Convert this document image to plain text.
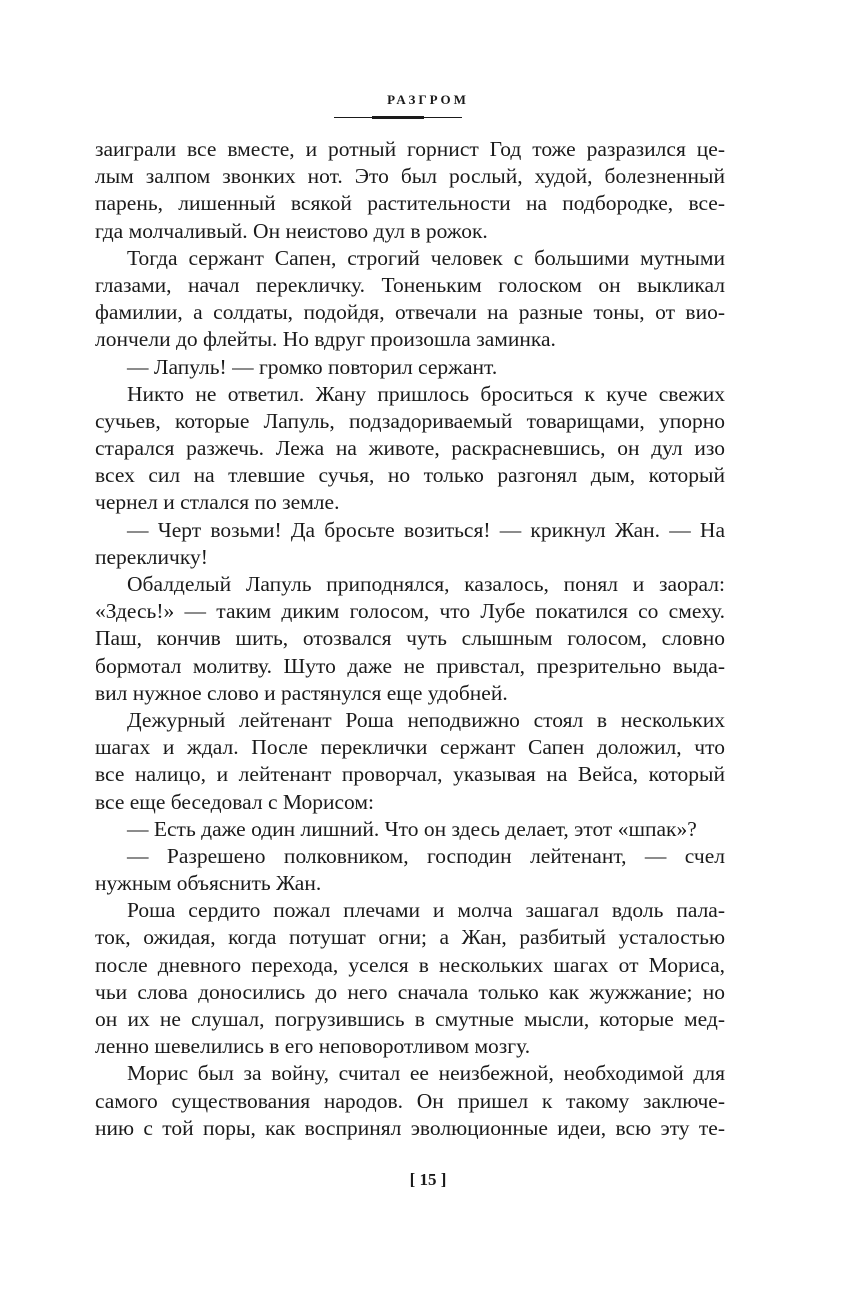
РАЗГРОМ
заиграли все вместе, и ротный горнист Год тоже разразился це-
лым залпом звонких нот. Это был рослый, худой, болезненный
парень, лишенный всякой растительности на подбородке, все-
гда молчаливый. Он неистово дул в рожок.
Тогда сержант Сапен, строгий человек с большими мутными
глазами, начал перекличку. Тоненьким голоском он выкликал
фамилии, а солдаты, подойдя, отвечали на разные тоны, от вио-
лончели до флейты. Но вдруг произошла заминка.
— Лапуль! — громко повторил сержант.
Никто не ответил. Жану пришлось броситься к куче свежих
сучьев, которые Лапуль, подзадориваемый товарищами, упорно
старался разжечь. Лежа на животе, раскрасневшись, он дул изо
всех сил на тлевшие сучья, но только разгонял дым, который
чернел и стлался по земле.
— Черт возьми! Да бросьте возиться! — крикнул Жан. — На
перекличку!
Обалделый Лапуль приподнялся, казалось, понял и заорал:
«Здесь!» — таким диким голосом, что Лубе покатился со смеху.
Паш, кончив шить, отозвался чуть слышным голосом, словно
бормотал молитву. Шуто даже не привстал, презрительно выда-
вил нужное слово и растянулся еще удобней.
Дежурный лейтенант Роша неподвижно стоял в нескольких
шагах и ждал. После переклички сержант Сапен доложил, что
все налицо, и лейтенант проворчал, указывая на Вейса, который
все еще беседовал с Морисом:
— Есть даже один лишний. Что он здесь делает, этот «шпак»?
— Разрешено полковником, господин лейтенант, — счел
нужным объяснить Жан.
Роша сердито пожал плечами и молча зашагал вдоль пала-
ток, ожидая, когда потушат огни; а Жан, разбитый усталостью
после дневного перехода, уселся в нескольких шагах от Мориса,
чьи слова доносились до него сначала только как жужжание; но
он их не слушал, погрузившись в смутные мысли, которые мед-
ленно шевелились в его неповоротливом мозгу.
Морис был за войну, считал ее неизбежной, необходимой для
самого существования народов. Он пришел к такому заключе-
нию с той поры, как воспринял эволюционные идеи, всю эту те-
[ 15 ]
